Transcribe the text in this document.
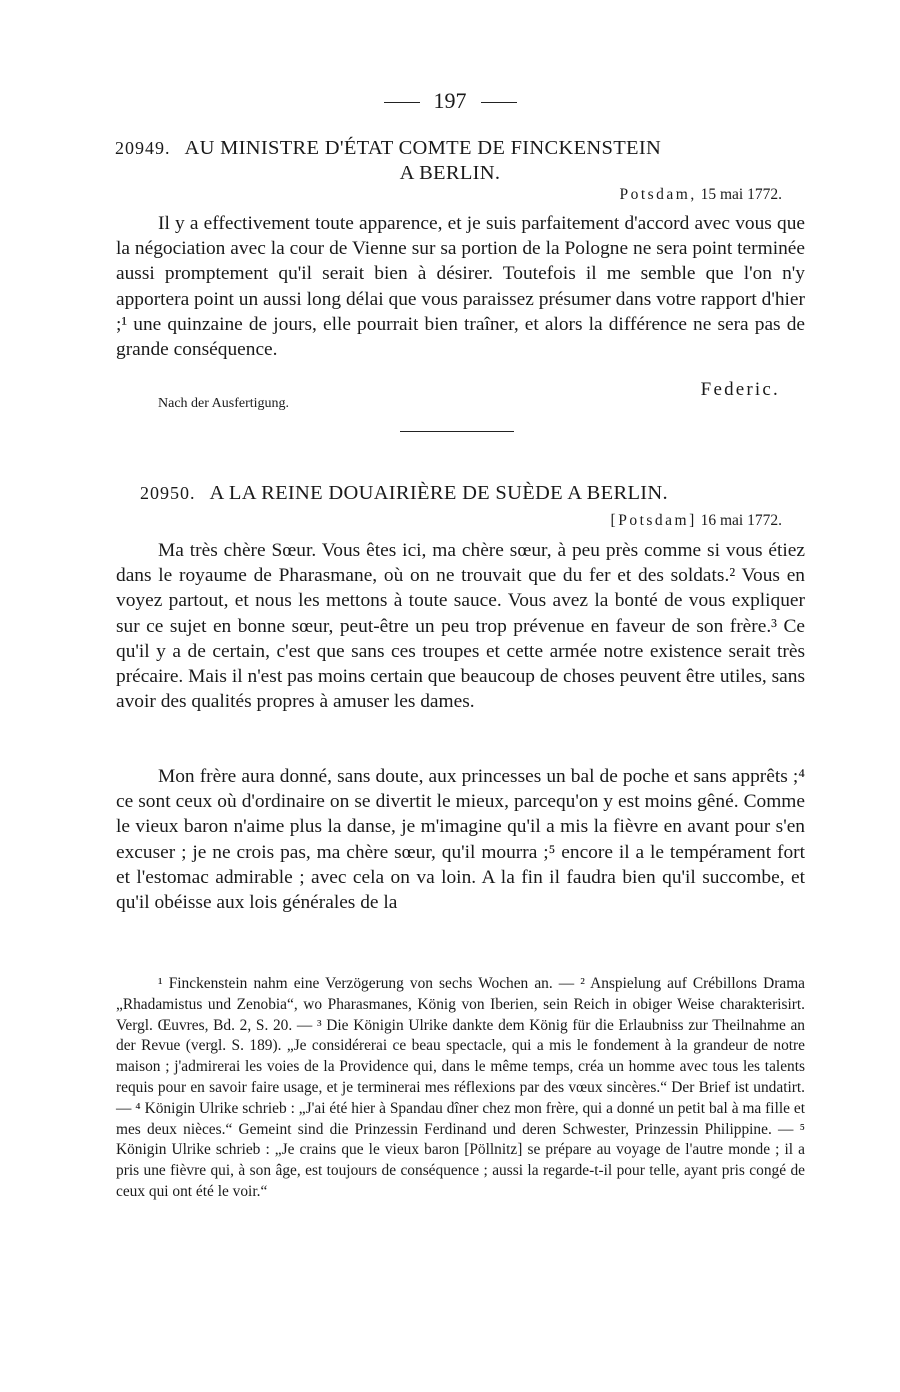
197
20949. AU MINISTRE D'ÉTAT COMTE DE FINCKENSTEIN
A BERLIN.
Potsdam, 15 mai 1772.
Il y a effectivement toute apparence, et je suis parfaitement d'accord avec vous que la négociation avec la cour de Vienne sur sa portion de la Pologne ne sera point terminée aussi promptement qu'il serait bien à désirer. Toutefois il me semble que l'on n'y apportera point un aussi long délai que vous paraissez présumer dans votre rapport d'hier ;¹ une quinzaine de jours, elle pourrait bien traîner, et alors la différence ne sera pas de grande conséquence.
Federic.
Nach der Ausfertigung.
20950. A LA REINE DOUAIRIÈRE DE SUÈDE A BERLIN.
[Potsdam] 16 mai 1772.
Ma très chère Sœur. Vous êtes ici, ma chère sœur, à peu près comme si vous étiez dans le royaume de Pharasmane, où on ne trouvait que du fer et des soldats.² Vous en voyez partout, et nous les mettons à toute sauce. Vous avez la bonté de vous expliquer sur ce sujet en bonne sœur, peut-être un peu trop prévenue en faveur de son frère.³ Ce qu'il y a de certain, c'est que sans ces troupes et cette armée notre existence serait très précaire. Mais il n'est pas moins certain que beaucoup de choses peuvent être utiles, sans avoir des qualités propres à amuser les dames.
Mon frère aura donné, sans doute, aux princesses un bal de poche et sans apprêts ;⁴ ce sont ceux où d'ordinaire on se divertit le mieux, parcequ'on y est moins gêné. Comme le vieux baron n'aime plus la danse, je m'imagine qu'il a mis la fièvre en avant pour s'en excuser ; je ne crois pas, ma chère sœur, qu'il mourra ;⁵ encore il a le tempérament fort et l'estomac admirable ; avec cela on va loin. A la fin il faudra bien qu'il succombe, et qu'il obéisse aux lois générales de la
¹ Finckenstein nahm eine Verzögerung von sechs Wochen an. — ² Anspielung auf Crébillons Drama „Rhadamistus und Zenobia“, wo Pharasmanes, König von Iberien, sein Reich in obiger Weise charakterisirt. Vergl. Œuvres, Bd. 2, S. 20. — ³ Die Königin Ulrike dankte dem König für die Erlaubniss zur Theilnahme an der Revue (vergl. S. 189). „Je considérerai ce beau spectacle, qui a mis le fondement à la grandeur de notre maison ; j'admirerai les voies de la Providence qui, dans le même temps, créa un homme avec tous les talents requis pour en savoir faire usage, et je terminerai mes réflexions par des vœux sincères.“ Der Brief ist undatirt. — ⁴ Königin Ulrike schrieb : „J'ai été hier à Spandau dîner chez mon frère, qui a donné un petit bal à ma fille et mes deux nièces.“ Gemeint sind die Prinzessin Ferdinand und deren Schwester, Prinzessin Philippine. — ⁵ Königin Ulrike schrieb : „Je crains que le vieux baron [Pöllnitz] se prépare au voyage de l'autre monde ; il a pris une fièvre qui, à son âge, est toujours de conséquence ; aussi la regarde-t-il pour telle, ayant pris congé de ceux qui ont été le voir.“
